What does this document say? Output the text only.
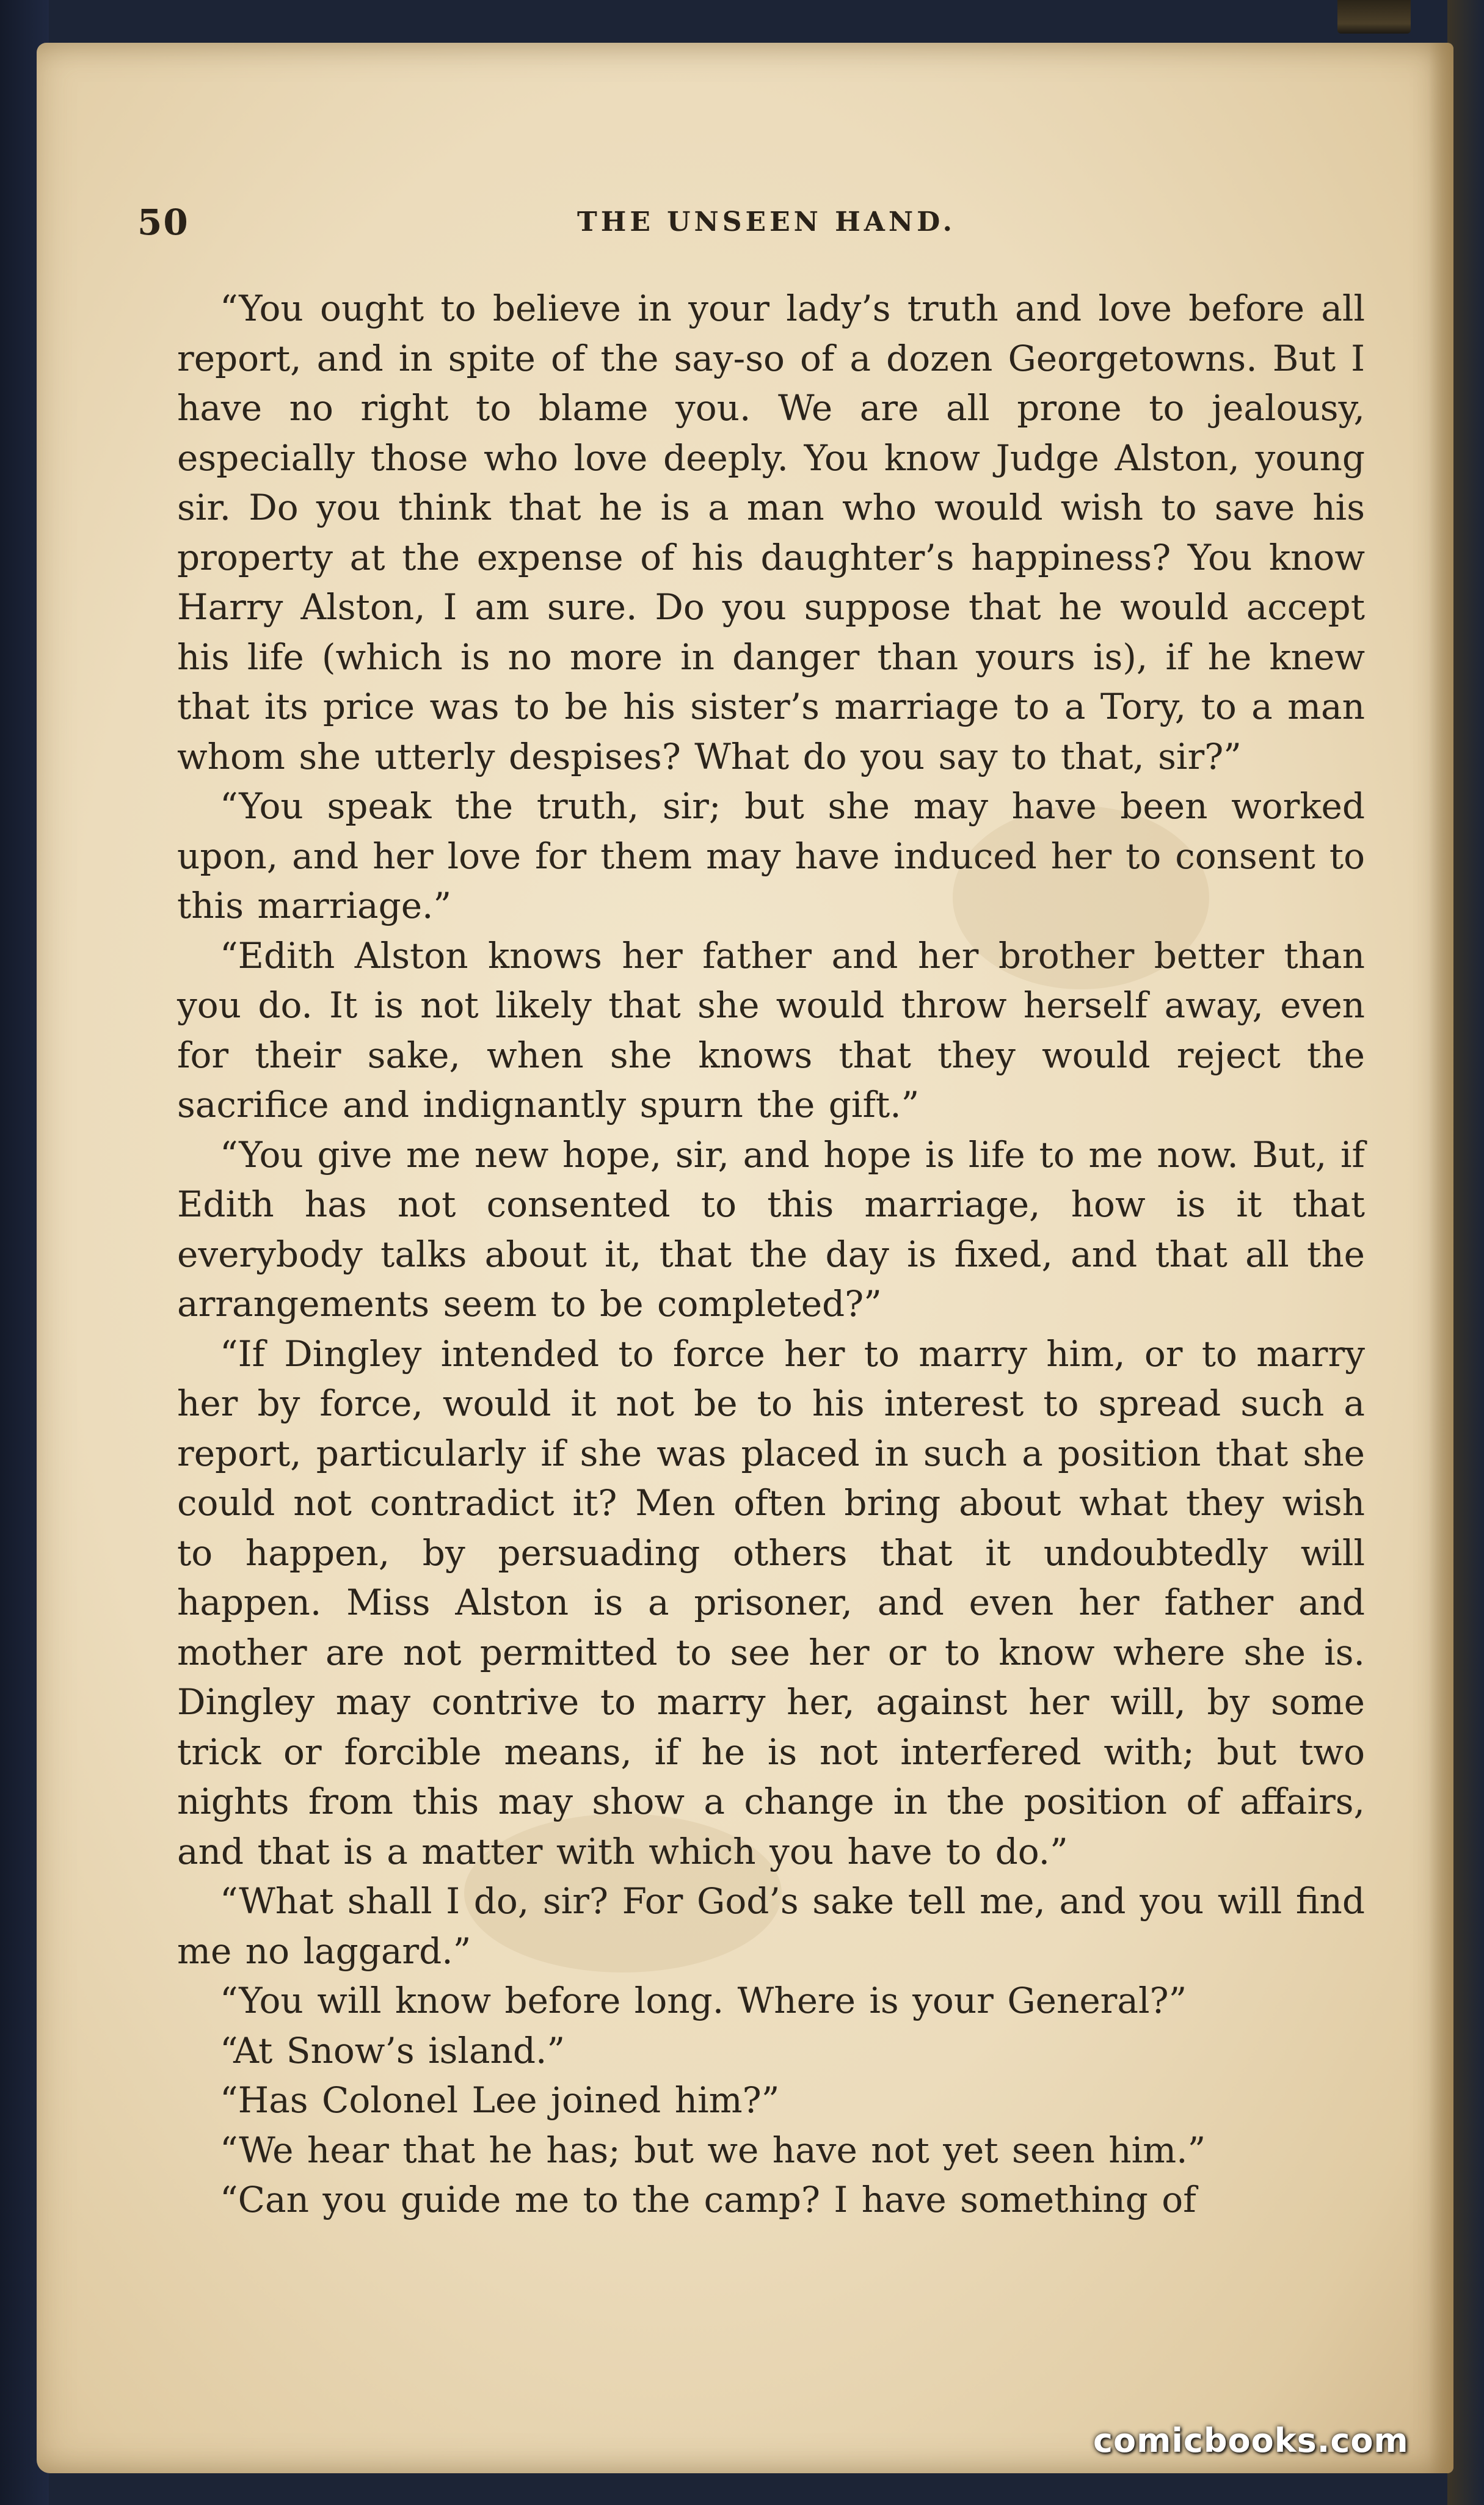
50	THE UNSEEN HAND.

“You ought to believe in your lady’s truth and love before all report, and in spite of the say-so of a dozen Georgetowns. But I have no right to blame you. We are all prone to jealousy, especially those who love deeply. You know Judge Alston, young sir. Do you think that he is a man who would wish to save his property at the expense of his daughter’s happiness? You know Harry Alston, I am sure. Do you suppose that he would accept his life (which is no more in danger than yours is), if he knew that its price was to be his sister’s marriage to a Tory, to a man whom she utterly despises? What do you say to that, sir?”

“You speak the truth, sir; but she may have been worked upon, and her love for them may have induced her to consent to this marriage.”

“Edith Alston knows her father and her brother better than you do. It is not likely that she would throw herself away, even for their sake, when she knows that they would reject the sacrifice and indignantly spurn the gift.”

“You give me new hope, sir, and hope is life to me now. But, if Edith has not consented to this marriage, how is it that everybody talks about it, that the day is fixed, and that all the arrangements seem to be completed?”

“If Dingley intended to force her to marry him, or to marry her by force, would it not be to his interest to spread such a report, particularly if she was placed in such a position that she could not contradict it? Men often bring about what they wish to happen, by persuading others that it undoubtedly will happen. Miss Alston is a prisoner, and even her father and mother are not permitted to see her or to know where she is. Dingley may contrive to marry her, against her will, by some trick or forcible means, if he is not interfered with; but two nights from this may show a change in the position of affairs, and that is a matter with which you have to do.”

“What shall I do, sir? For God’s sake tell me, and you will find me no laggard.”

“You will know before long. Where is your General?”

“At Snow’s island.”

“Has Colonel Lee joined him?”

“We hear that he has; but we have not yet seen him.”

“Can you guide me to the camp? I have something of

comicbooks.com
